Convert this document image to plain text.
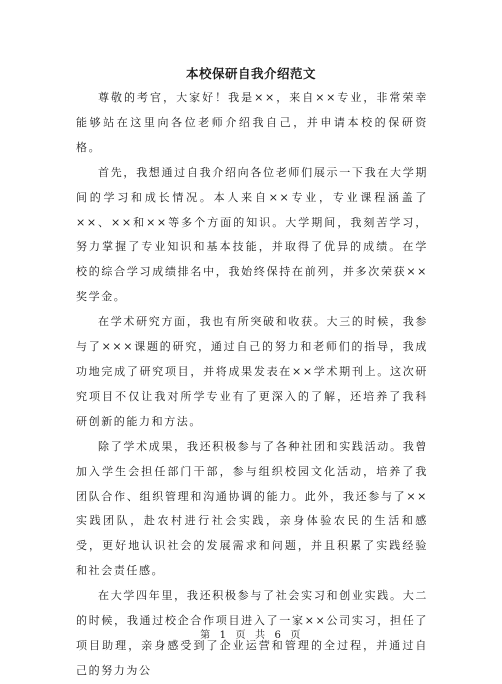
本校保研自我介绍范文

尊敬的考官，大家好！我是××，来自××专业，非常荣幸能够站在这里向各位老师介绍我自己，并申请本校的保研资格。

首先，我想通过自我介绍向各位老师们展示一下我在大学期间的学习和成长情况。本人来自××专业，专业课程涵盖了××、××和××等多个方面的知识。大学期间，我刻苦学习，努力掌握了专业知识和基本技能，并取得了优异的成绩。在学校的综合学习成绩排名中，我始终保持在前列，并多次荣获××奖学金。

在学术研究方面，我也有所突破和收获。大三的时候，我参与了×××课题的研究，通过自己的努力和老师们的指导，我成功地完成了研究项目，并将成果发表在××学术期刊上。这次研究项目不仅让我对所学专业有了更深入的了解，还培养了我科研创新的能力和方法。

除了学术成果，我还积极参与了各种社团和实践活动。我曾加入学生会担任部门干部，参与组织校园文化活动，培养了我团队合作、组织管理和沟通协调的能力。此外，我还参与了××实践团队，赴农村进行社会实践，亲身体验农民的生活和感受，更好地认识社会的发展需求和问题，并且积累了实践经验和社会责任感。

在大学四年里，我还积极参与了社会实习和创业实践。大二的时候，我通过校企合作项目进入了一家××公司实习，担任了项目助理，亲身感受到了企业运营和管理的全过程，并通过自己的努力为公

第 1 页 共 6 页
